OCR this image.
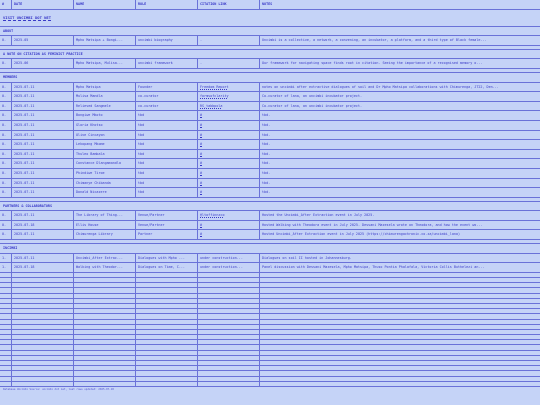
#	DATE	NAME	ROLE	CITATION LINK	NOTES
VISIT UNCIMBI DOT NET
ABOUT
0.	2025-05	Mpho Matsipa + Bongi...	uncimbi biography	-	Uncimbi is a collective, a network, a convening, an incubator, a platform, and a third type of Black female...
A NOTE ON CITATION AS FEMINIST PRACTICE
0.	2025-06	Mpho Matsipa, Mulisa...	uncimbi framework	-	Our framework for navigating space finds root in citation. Seeing the importance of a recognised memory o...
MEMBERS
0.	2025-07-11	Mpho Matsipa	Founder	Freedom Report	notes on uncimbi after extractive dialogues of soil and Dr Mpho Matsipa collaborations with Chimurenga, JT22, Den...
0.	2025-07-11	Mulisa Mandla	co-curator	formsofclarity	Co-curator of lana, an uncimbi incubator project.
0.	2025-07-11	Relieved Sangmele	co-curator	RS_tabbpola	Co-curator of lana, an uncimbi incubator project.
0.	2025-07-11	Bongiwe Mkoto	tbd	#	tbd.
0.	2025-07-11	Gloria Khotso	tbd	#	tbd.
0.	2025-07-11	Olive Cincayon	tbd	#	tbd.
0.	2025-07-11	Lekopang Mkome	tbd	#	tbd.
0.	2025-07-11	Thuleo Bambala	tbd	#	tbd.
0.	2025-07-11	Constance Dlangamandla	tbd	#	tbd.
0.	2025-07-11	Phindiwe Tiroe	tbd	#	tbd.
0.	2025-07-11	Chimanye Chibanda	tbd	#	tbd.
0.	2025-07-11	Donald Nicazere	tbd	#	tbd.
PARTNERS & COLLABORATORS
0.	2025-07-11	The Library of Thing...	Venue/Partner	@ltoffinnzco	Hosted the Uncimbi_After Extraction event in July 2025.
0.	2025-07-18	Ellis House	Venue/Partner	#	Hosted Walking with Theodora event in July 2025. Dessani Mazesela wrote on Theodora, and how the event wo...
0.	2025-07-11	Chimurenga Library	Partner	#	Hosted Uncimbi_After Extraction event in July 2025 (https://chimurengachronic.co.za/uncimbi_lana)
INCIMBI
1.	2025-07-11	Uncimbi_After Extrac...	Dialogues with Mpho ...	under construction...	Dialogues on soil II hosted in Johannesburg.
1.	2025-07-18	Walking with Theodor...	Dialogues on Time, C...	under construction...	Panel discussion with Dessani Mazesela, Mpho Matsipa, Thuso Pontia Phalafala, Victoria Collis Buthelezi an...
Database Uncimbi Source: uncimbi dot net, last rows updated: 2025-07-18
